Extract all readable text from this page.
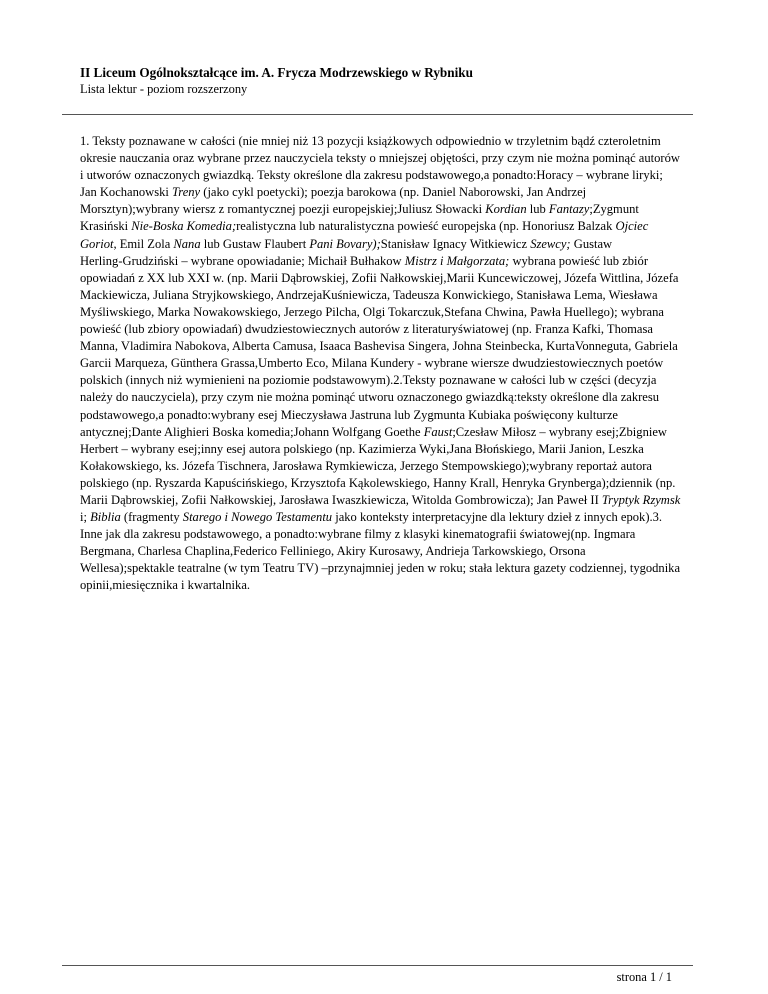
II Liceum Ogólnokształcące im. A. Frycza Modrzewskiego w Rybniku
Lista lektur - poziom rozszerzony
1. Teksty poznawane w całości (nie mniej niż 13 pozycji książkowych odpowiednio w trzyletnim bądź czteroletnim
okresie nauczania oraz wybrane przez nauczyciela teksty o mniejszej objętości, przy czym nie można pominąć autorów
i utworów oznaczonych gwiazdką. Teksty określone dla zakresu podstawowego,a ponadto:Horacy – wybrane liryki;
Jan Kochanowski Treny (jako cykl poetycki); poezja barokowa (np. Daniel Naborowski, Jan Andrzej
Morsztyn);wybrany wiersz z romantycznej poezji europejskiej;Juliusz Słowacki Kordian lub Fantazy;Zygmunt
Krasiński Nie-Boska Komedia;realistyczna lub naturalistyczna powieść europejska (np. Honoriusz Balzak Ojciec
Goriot, Emil Zola Nana lub Gustaw Flaubert Pani Bovary);Stanisław Ignacy Witkiewicz Szewcy; Gustaw
Herling-Grudziński – wybrane opowiadanie; Michaił Bułhakow Mistrz i Małgorzata; wybrana powieść lub zbiór
opowiadań z XX lub XXI w. (np. Marii Dąbrowskiej, Zofii Nałkowskiej,Marii Kuncewiczowej, Józefa Wittlina, Józefa
Mackiewicza, Juliana Stryjkowskiego, AndrzejaKuśniewicza, Tadeusza Konwickiego, Stanisława Lema, Wiesława
Myśliwskiego, Marka Nowakowskiego, Jerzego Pilcha, Olgi Tokarczuk,Stefana Chwina, Pawła Huellego); wybrana
powieść (lub zbiory opowiadań) dwudziestowiecznych autorów z literaturyświatowej (np. Franza Kafki, Thomasa
Manna, Vladimira Nabokova, Alberta Camusa, Isaaca Bashevisa Singera, Johna Steinbecka, KurtaVonneguta, Gabriela
Garcii Marqueza, Günthera Grassa,Umberto Eco, Milana Kundery - wybrane wiersze dwudziestowiecznych poetów
polskich (innych niż wymienieni na poziomie podstawowym).2.Teksty poznawane w całości lub w części (decyzja
należy do nauczyciela), przy czym nie można pominąć utworu oznaczonego gwiazdką:teksty określone dla zakresu
podstawowego,a ponadto:wybrany esej Mieczysława Jastruna lub Zygmunta Kubiaka poświęcony kulturze
antycznej;Dante Alighieri Boska komedia;Johann Wolfgang Goethe Faust;Czesław Miłosz – wybrany esej;Zbigniew
Herbert – wybrany esej;inny esej autora polskiego (np. Kazimierza Wyki,Jana Błońskiego, Marii Janion, Leszka
Kołakowskiego, ks. Józefa Tischnera, Jarosława Rymkiewicza, Jerzego Stempowskiego);wybrany reportaż autora
polskiego (np. Ryszarda Kapuścińskiego, Krzysztofa Kąkolewskiego, Hanny Krall, Henryka Grynberga);dziennik (np.
Marii Dąbrowskiej, Zofii Nałkowskiej, Jarosława Iwaszkiewicza, Witolda Gombrowicza); Jan Paweł II Tryptyk Rzymsk
i; Biblia (fragmenty Starego i Nowego Testamentu jako konteksty interpretacyjne dla lektury dzieł z innych epok).3.
Inne jak dla zakresu podstawowego, a ponadto:wybrane filmy z klasyki kinematografii światowej(np. Ingmara
Bergmana, Charlesa Chaplina,Federico Felliniego, Akiry Kurosawy, Andrieja Tarkowskiego, Orsona
Wellesa);spektakle teatralne (w tym Teatru TV) –przynajmniej jeden w roku; stała lektura gazety codziennej, tygodnika
opinii,miesięcznika i kwartalnika.
strona 1 / 1
